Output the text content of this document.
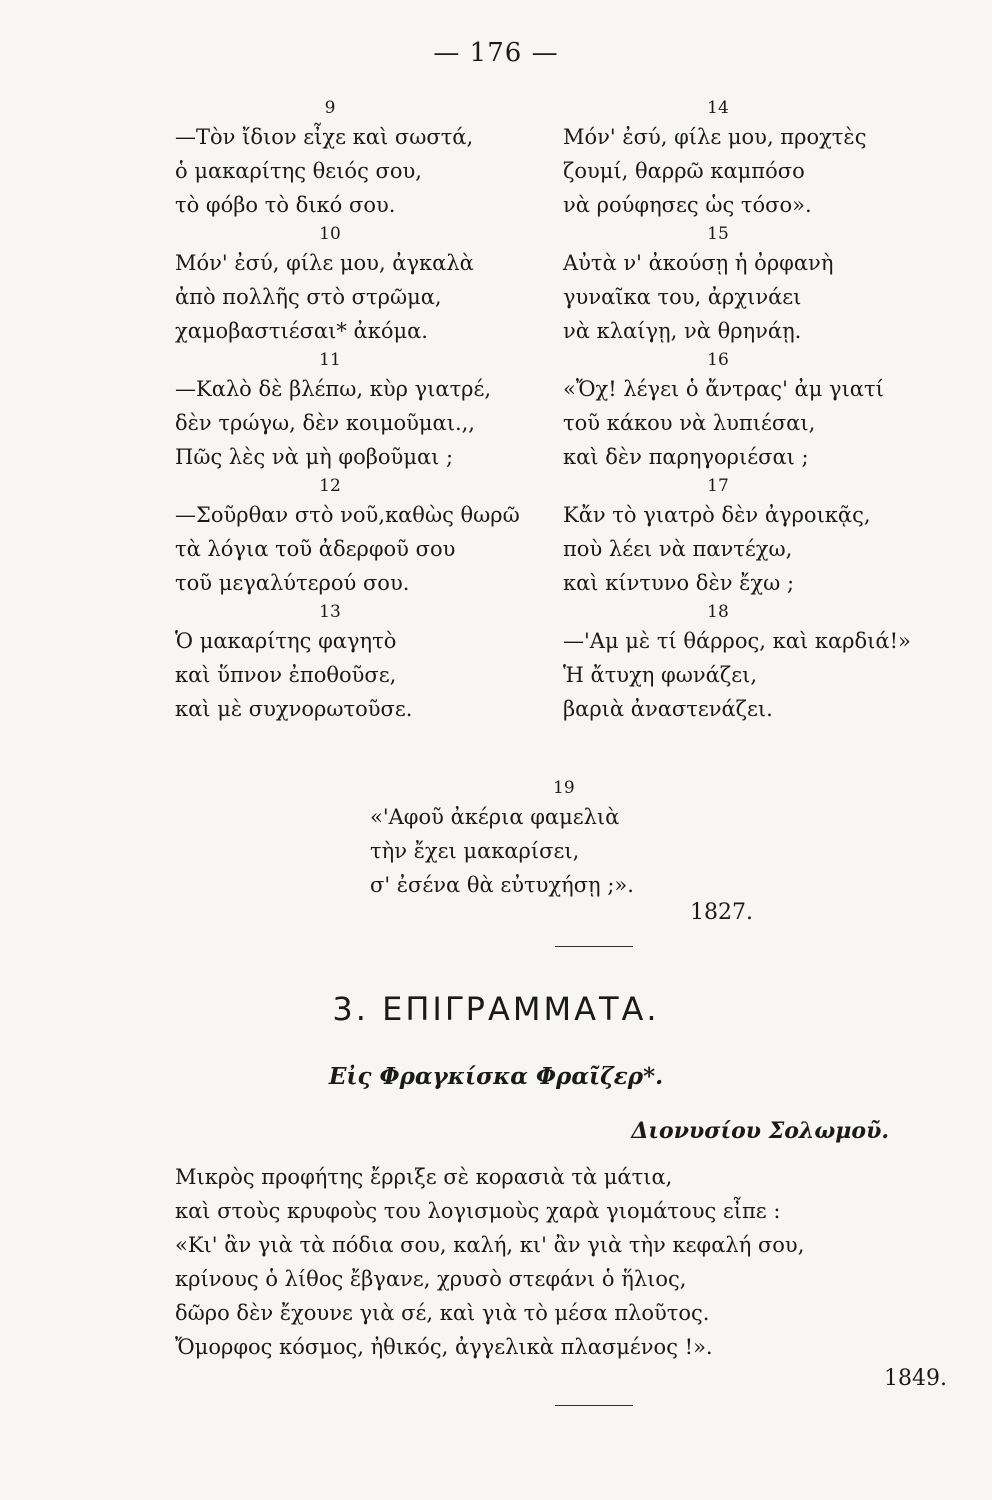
— 176 —
9
—Τὸν ἴδιον εἶχε καὶ σωστά,
ὁ μακαρίτης θειός σου,
τὸ φόβο τὸ δικό σου.
10
Μόν' ἐσύ, φίλε μου, ἀγκαλὰ
ἀπὸ πολλῆς στὸ στρῶμα,
χαμοβαστιέσαι* ἀκόμα.
11
—Καλὸ δὲ βλέπω, κὺρ γιατρέ,
δὲν τρώγω, δὲν κοιμοῦμαι.,,
Πῶς λὲς νὰ μὴ φοβοῦμαι ;
12
—Σοῦρθαν στὸ νοῦ,καθὼς θωρῶ
τὰ λόγια τοῦ ἀδερφοῦ σου
τοῦ μεγαλύτερού σου.
13
Ὁ μακαρίτης φαγητὸ
καὶ ὕπνον ἐποθοῦσε,
καὶ μὲ συχνορωτοῦσε.
14
Μόν' ἐσύ, φίλε μου, προχτὲς
ζουμί, θαρρῶ καμπόσο
νὰ ρούφησες ὡς τόσο».
15
Αὐτὰ ν' ἀκούσῃ ἡ ὀρφανὴ
γυναῖκα του, ἀρχινάει
νὰ κλαίγῃ, νὰ θρηνάῃ.
16
«Ὄχ! λέγει ὁ ἄντρας' ἀμ γιατί
τοῦ κάκου νὰ λυπιέσαι,
καὶ δὲν παρηγοριέσαι ;
17
Κἄν τὸ γιατρὸ δὲν ἀγροικᾷς,
ποὺ λέει νὰ παντέχω,
καὶ κίντυνο δὲν ἔχω ;
18
—'Αμ μὲ τί θάρρος, καὶ καρδιά!»
Ἡ ἄτυχη φωνάζει,
βαριὰ ἀναστενάζει.
19
«'Αφοῦ ἀκέρια φαμελιὰ
τὴν ἔχει μακαρίσει,
σ' ἐσένα θὰ εὐτυχήσῃ ;».
1827.
3. ΕΠΙΓΡΑΜΜΑΤΑ.
Εἰς Φραγκίσκα Φραῖζερ*.
Διονυσίου Σολωμοῦ.
Μικρὸς προφήτης ἔρριξε σὲ κορασιὰ τὰ μάτια,
καὶ στοὺς κρυφοὺς του λογισμοὺς χαρὰ γιομάτους εἶπε :
«Κι' ἂν γιὰ τὰ πόδια σου, καλή, κι' ἂν γιὰ τὴν κεφαλή σου,
κρίνους ὁ λίθος ἔβγανε, χρυσὸ στεφάνι ὁ ἥλιος,
δῶρο δὲν ἔχουνε γιὰ σέ, καὶ γιὰ τὸ μέσα πλοῦτος.
Ὄμορφος κόσμος, ἠθικός, ἀγγελικὰ πλασμένος !».
1849.
